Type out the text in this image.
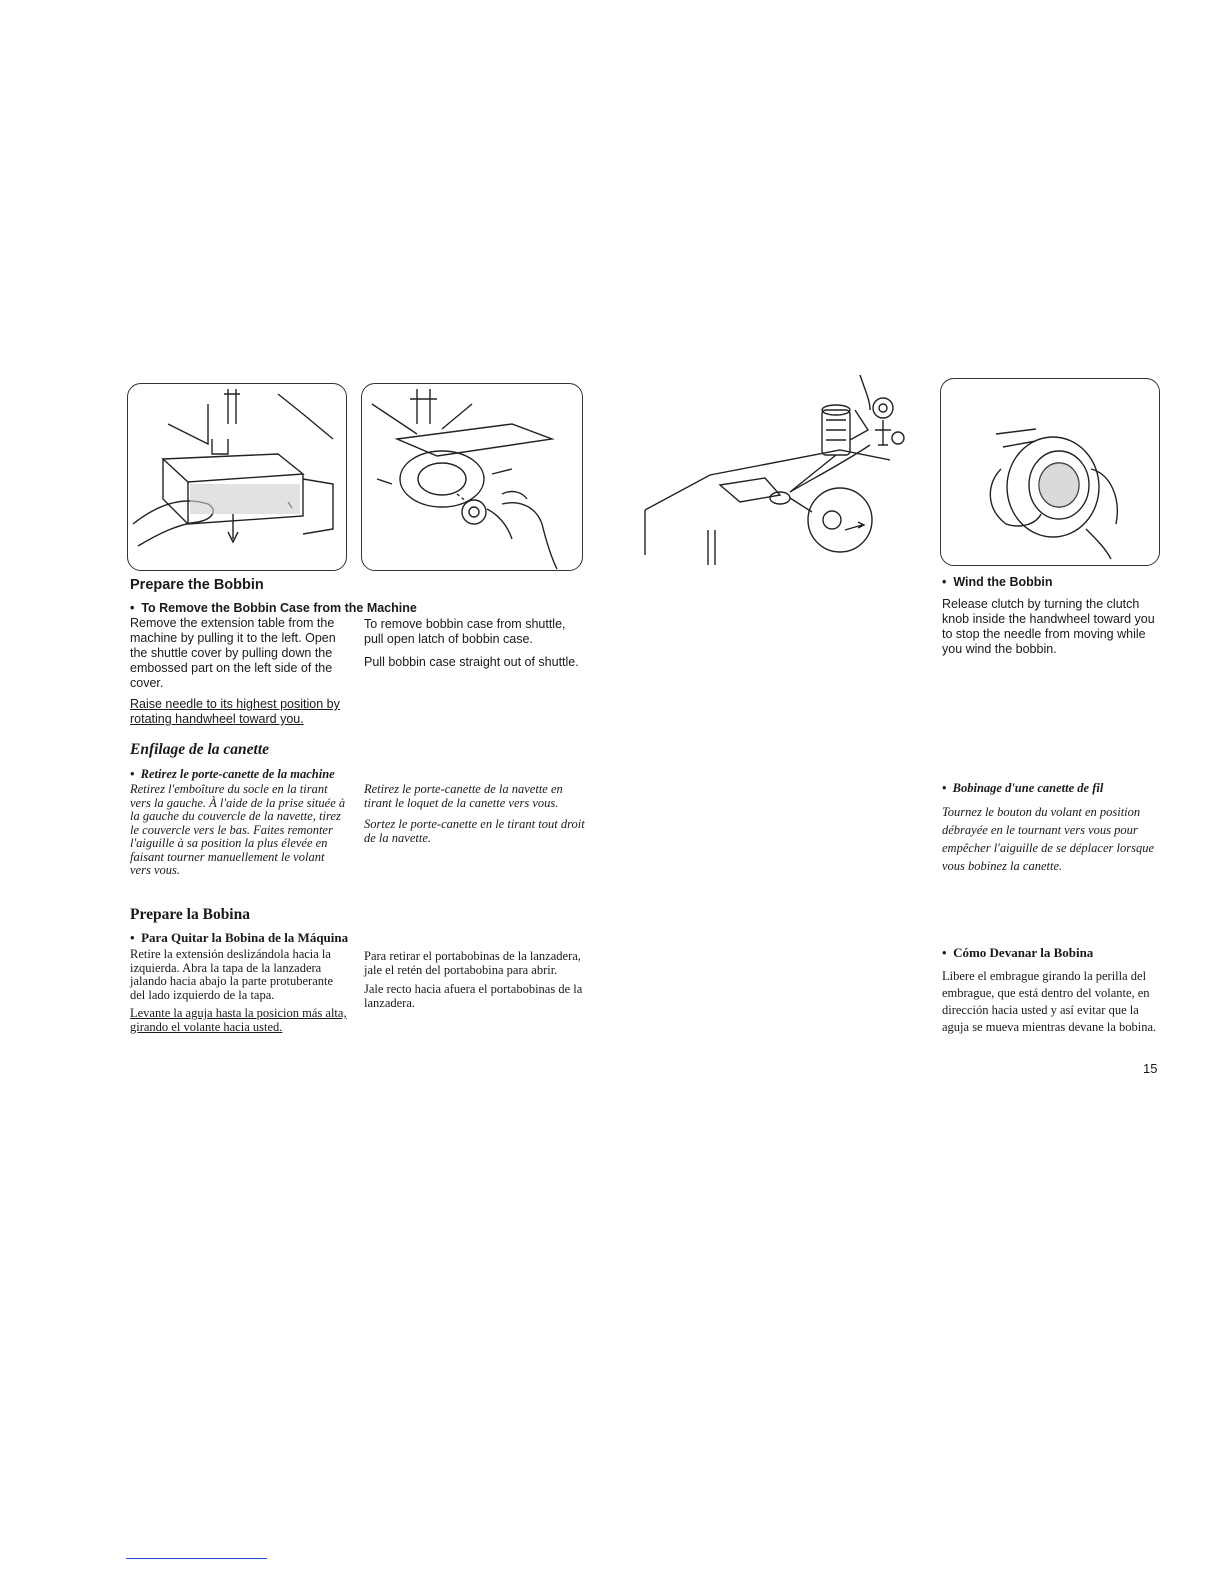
Prepare the Bobbin
•  To Remove the Bobbin Case from the Machine

Remove the extension table from the machine by pulling it to the left. Open the shuttle cover by pulling down the embossed part on the left side of the cover.

Raise needle to its highest position by rotating handwheel toward you.

To remove bobbin case from shuttle, pull open latch of bobbin case.

Pull bobbin case straight out of shuttle.

•  Wind the Bobbin

Release clutch by turning the clutch knob inside the handwheel toward you to stop the needle from moving while you wind the bobbin.

Enfilage de la canette
•  Retirez le porte-canette de la machine

Retirez l'emboîture du socle en la tirant vers la gauche. À l'aide de la prise située à la gauche du couvercle de la navette, tirez le couvercle vers le bas. Faites remonter l'aiguille à sa position la plus élevée en faisant tourner manuellement le volant vers vous.

Retirez le porte-canette de la navette en tirant le loquet de la canette vers vous.

Sortez le porte-canette en le tirant tout droit de la navette.

•  Bobinage d'une canette de fil

Tournez le bouton du volant en position débrayée en le tournant vers vous pour empêcher l'aiguille de se déplacer lorsque vous bobinez la canette.

Prepare la Bobina
•  Para Quitar la Bobina de la Máquina

Retire la extensión deslizándola hacia la izquierda. Abra la tapa de la lanzadera jalando hacia abajo la parte protuberante del lado izquierdo de la tapa.

Levante la aguja hasta la posicion más alta, girando el volante hacia usted.

Para retirar el portabobinas de la lanzadera, jale el retén del portabobina para abrir.

Jale recto hacia afuera el portabobinas de la lanzadera.

•  Cómo Devanar la Bobina

Libere el embrague girando la perilla del embrague, que está dentro del volante, en dirección hacia usted y así evitar que la aguja se mueva mientras devane la bobina.

15
